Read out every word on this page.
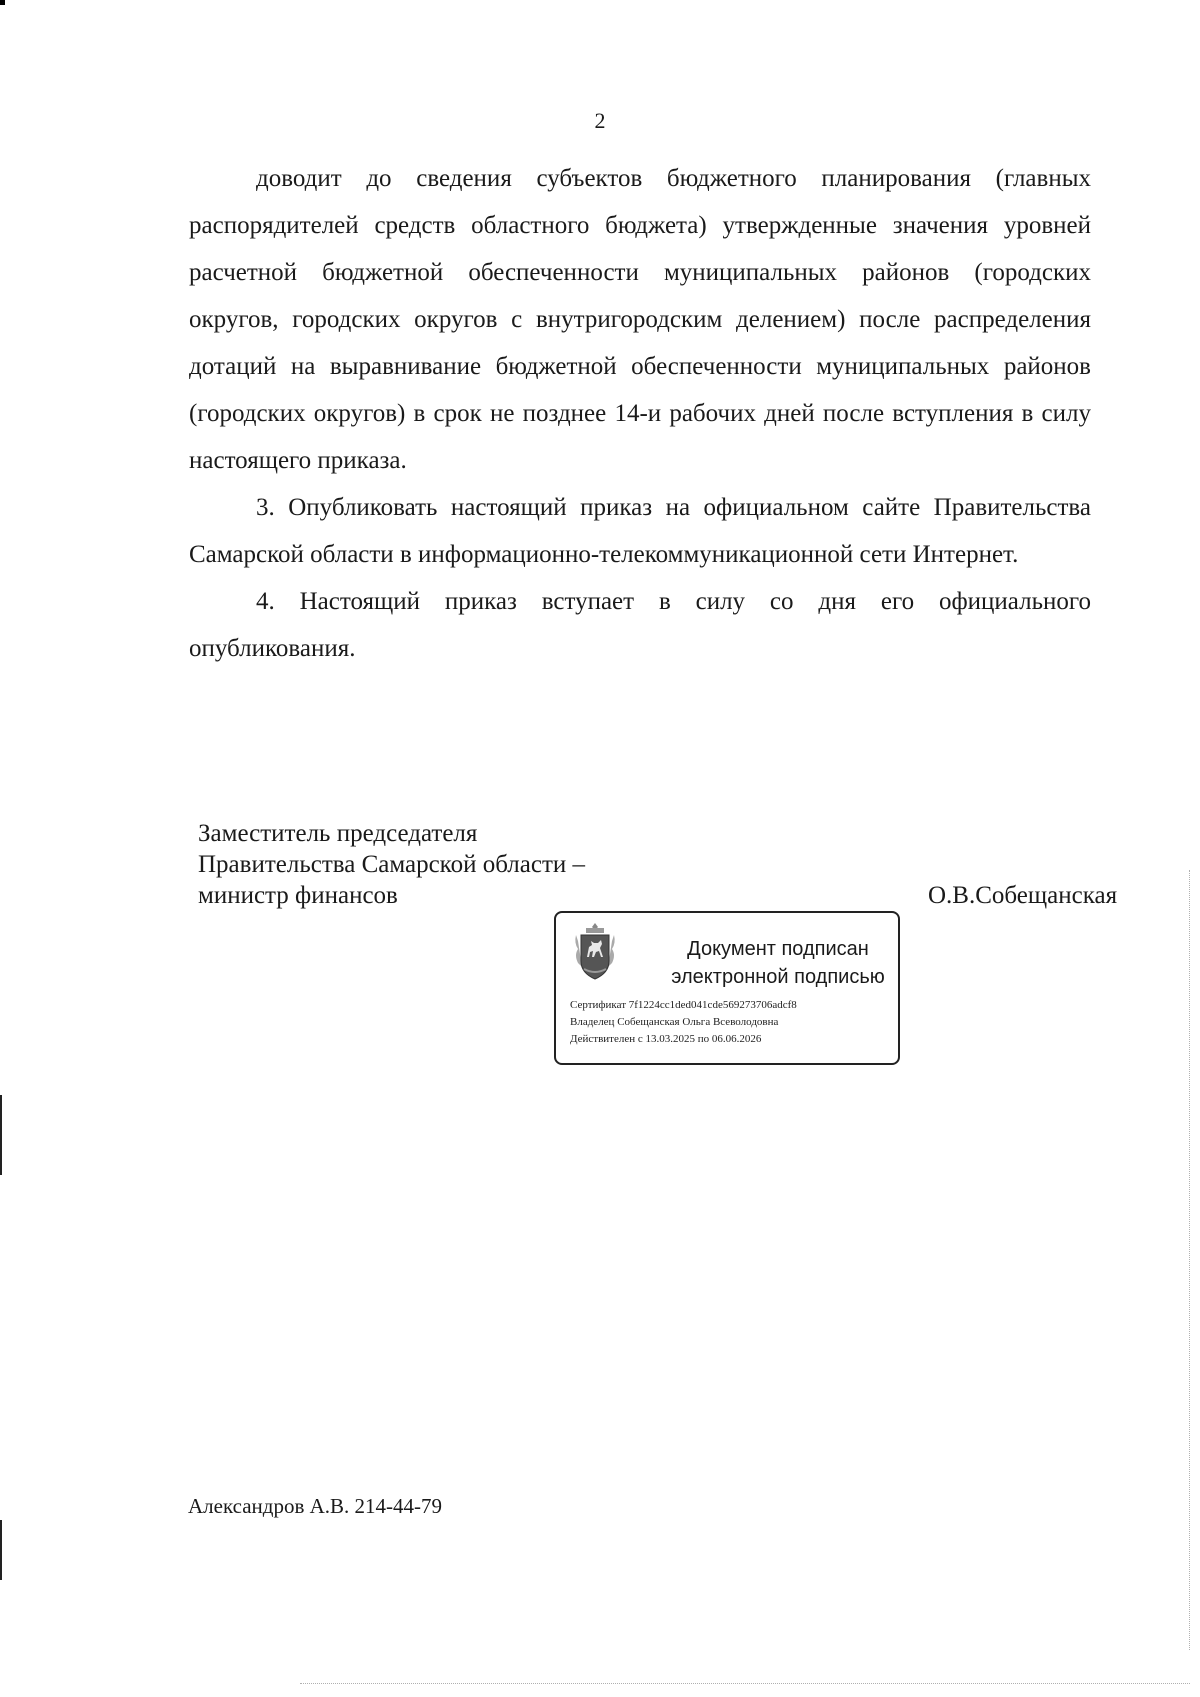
2

доводит до сведения субъектов бюджетного планирования (главных распорядителей средств областного бюджета) утвержденные значения уровней расчетной бюджетной обеспеченности муниципальных районов (городских округов, городских округов с внутригородским делением) после распределения дотаций на выравнивание бюджетной обеспеченности муниципальных районов (городских округов) в срок не позднее 14-и рабочих дней после вступления в силу настоящего приказа.

3. Опубликовать настоящий приказ на официальном сайте Правительства Самарской области в информационно-телекоммуникационной сети Интернет.

4. Настоящий приказ вступает в силу со дня его официального опубликования.

Заместитель председателя
Правительства Самарской области –
министр финансов	О.В.Собещанская
Документ подписан
электронной подписью
Сертификат 7f1224cc1ded041cde569273706adcf8
Владелец Собещанская Ольга Всеволодовна
Действителен с 13.03.2025 по 06.06.2026
Александров А.В. 214-44-79
